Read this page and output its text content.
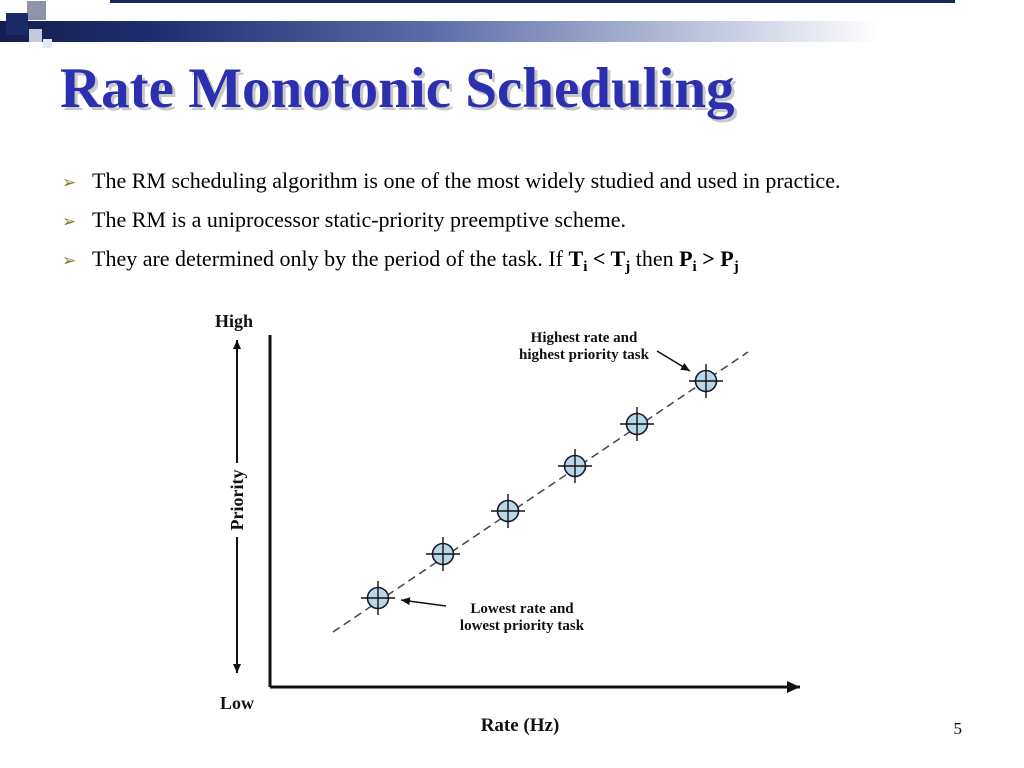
Rate Monotonic Scheduling
➢ The RM scheduling algorithm is one of the most widely studied and used in practice.
➢ The RM is a uniprocessor static-priority preemptive scheme.
➢ They are determined only by the period of the task. If $T_i < T_j$ then $P_i > P_j$
High
Low
Priority
Rate (Hz)
Highest rate and
highest priority task
Lowest rate and
lowest priority task
5
